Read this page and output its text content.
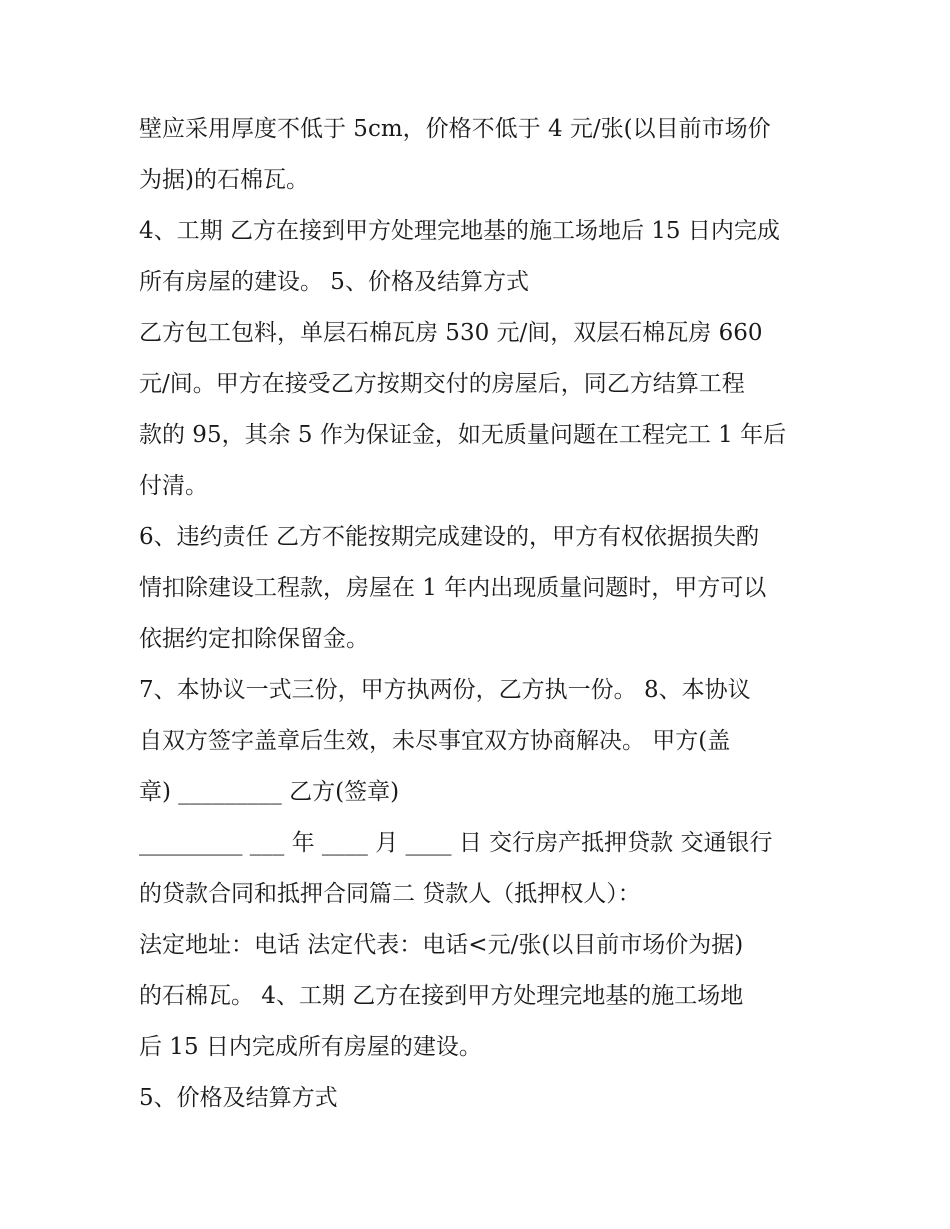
壁应采用厚度不低于 5cm，价格不低于 4 元/张(以目前市场价
为据)的石棉瓦。
4、工期 乙方在接到甲方处理完地基的施工场地后 15 日内完成
所有房屋的建设。 5、价格及结算方式
乙方包工包料，单层石棉瓦房 530 元/间，双层石棉瓦房 660
元/间。甲方在接受乙方按期交付的房屋后，同乙方结算工程
款的 95，其余 5 作为保证金，如无质量问题在工程完工 1 年后
付清。
6、违约责任 乙方不能按期完成建设的，甲方有权依据损失酌
情扣除建设工程款，房屋在 1 年内出现质量问题时，甲方可以
依据约定扣除保留金。
7、本协议一式三份，甲方执两份，乙方执一份。 8、本协议
自双方签字盖章后生效，未尽事宜双方协商解决。 甲方(盖
章) _________ 乙方(签章)
_________ ___ 年 ____ 月 ____ 日 交行房产抵押贷款 交通银行
的贷款合同和抵押合同篇二 贷款人（抵押权人）：
法定地址：电话 法定代表：电话<元/张(以目前市场价为据)
的石棉瓦。 4、工期 乙方在接到甲方处理完地基的施工场地
后 15 日内完成所有房屋的建设。
5、价格及结算方式
